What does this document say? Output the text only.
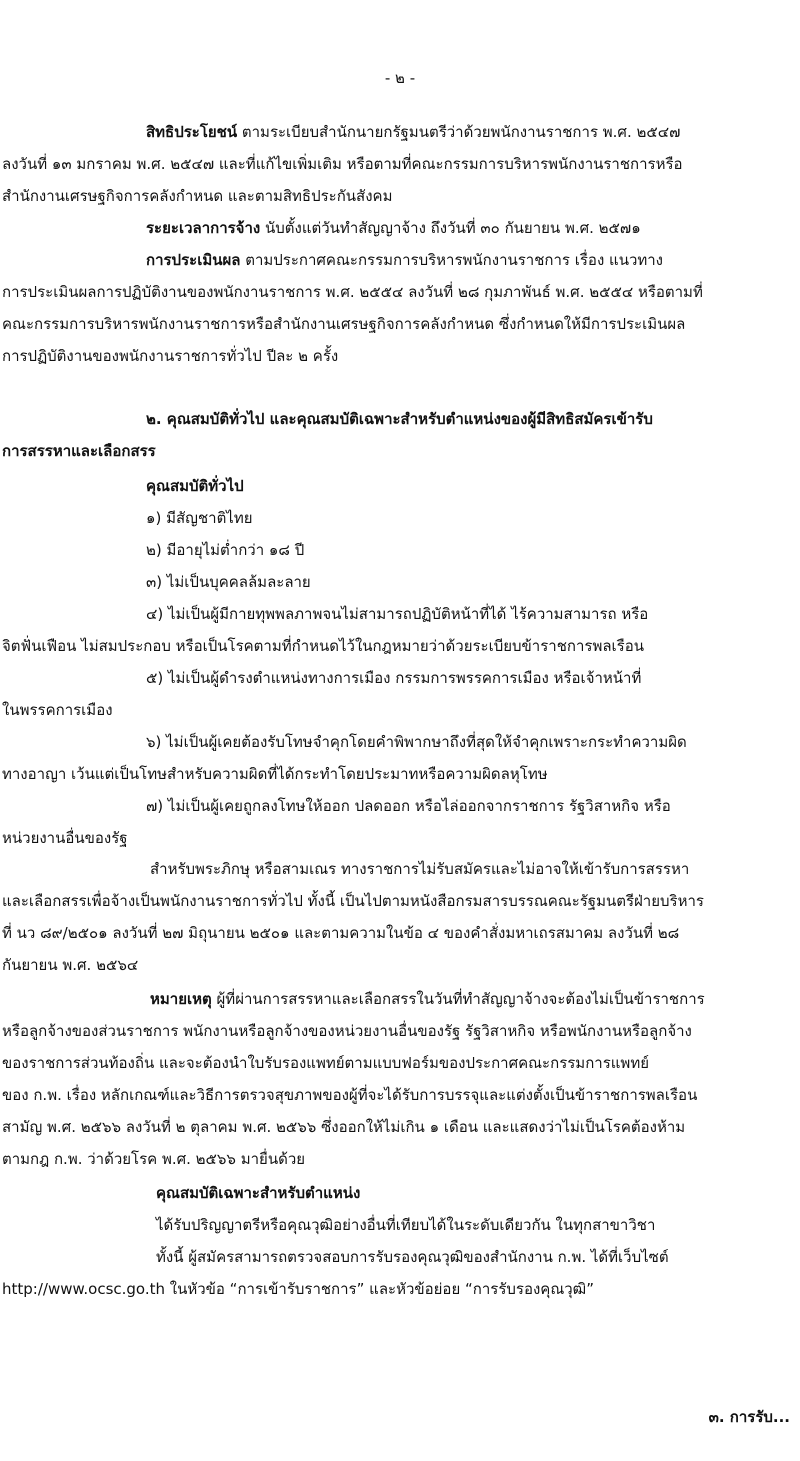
- ๒ -
สิทธิประโยชน์ ตามระเบียบสำนักนายกรัฐมนตรีว่าด้วยพนักงานราชการ พ.ศ. ๒๕๔๗
ลงวันที่ ๑๓ มกราคม พ.ศ. ๒๕๔๗ และที่แก้ไขเพิ่มเติม หรือตามที่คณะกรรมการบริหารพนักงานราชการหรือ
สำนักงานเศรษฐกิจการคลังกำหนด และตามสิทธิประกันสังคม
ระยะเวลาการจ้าง นับตั้งแต่วันทำสัญญาจ้าง ถึงวันที่ ๓๐ กันยายน พ.ศ. ๒๕๗๑
การประเมินผล ตามประกาศคณะกรรมการบริหารพนักงานราชการ เรื่อง แนวทาง
การประเมินผลการปฏิบัติงานของพนักงานราชการ พ.ศ. ๒๕๕๔ ลงวันที่ ๒๘ กุมภาพันธ์ พ.ศ. ๒๕๕๔ หรือตามที่
คณะกรรมการบริหารพนักงานราชการหรือสำนักงานเศรษฐกิจการคลังกำหนด ซึ่งกำหนดให้มีการประเมินผล
การปฏิบัติงานของพนักงานราชการทั่วไป ปีละ ๒ ครั้ง
๒. คุณสมบัติทั่วไป และคุณสมบัติเฉพาะสำหรับตำแหน่งของผู้มีสิทธิสมัครเข้ารับ
การสรรหาและเลือกสรร
คุณสมบัติทั่วไป
๑) มีสัญชาติไทย
๒) มีอายุไม่ต่ำกว่า ๑๘ ปี
๓) ไม่เป็นบุคคลล้มละลาย
๔) ไม่เป็นผู้มีกายทุพพลภาพจนไม่สามารถปฏิบัติหน้าที่ได้ ไร้ความสามารถ หรือ
จิตฟั่นเฟือน ไม่สมประกอบ หรือเป็นโรคตามที่กำหนดไว้ในกฎหมายว่าด้วยระเบียบข้าราชการพลเรือน
๕) ไม่เป็นผู้ดำรงตำแหน่งทางการเมือง กรรมการพรรคการเมือง หรือเจ้าหน้าที่
ในพรรคการเมือง
๖) ไม่เป็นผู้เคยต้องรับโทษจำคุกโดยคำพิพากษาถึงที่สุดให้จำคุกเพราะกระทำความผิด
ทางอาญา เว้นแต่เป็นโทษสำหรับความผิดที่ได้กระทำโดยประมาทหรือความผิดลหุโทษ
๗) ไม่เป็นผู้เคยถูกลงโทษให้ออก ปลดออก หรือไล่ออกจากราชการ รัฐวิสาหกิจ หรือ
หน่วยงานอื่นของรัฐ
สำหรับพระภิกษุ หรือสามเณร ทางราชการไม่รับสมัครและไม่อาจให้เข้ารับการสรรหา
และเลือกสรรเพื่อจ้างเป็นพนักงานราชการทั่วไป ทั้งนี้ เป็นไปตามหนังสือกรมสารบรรณคณะรัฐมนตรีฝ่ายบริหาร
ที่ นว ๘๙/๒๕๐๑ ลงวันที่ ๒๗ มิถุนายน ๒๕๐๑ และตามความในข้อ ๔ ของคำสั่งมหาเถรสมาคม ลงวันที่ ๒๘
กันยายน พ.ศ. ๒๕๖๔
หมายเหตุ ผู้ที่ผ่านการสรรหาและเลือกสรรในวันที่ทำสัญญาจ้างจะต้องไม่เป็นข้าราชการ
หรือลูกจ้างของส่วนราชการ พนักงานหรือลูกจ้างของหน่วยงานอื่นของรัฐ รัฐวิสาหกิจ หรือพนักงานหรือลูกจ้าง
ของราชการส่วนท้องถิ่น และจะต้องนำใบรับรองแพทย์ตามแบบฟอร์มของประกาศคณะกรรมการแพทย์
ของ ก.พ. เรื่อง หลักเกณฑ์และวิธีการตรวจสุขภาพของผู้ที่จะได้รับการบรรจุและแต่งตั้งเป็นข้าราชการพลเรือน
สามัญ พ.ศ. ๒๕๖๖ ลงวันที่ ๒ ตุลาคม พ.ศ. ๒๕๖๖ ซึ่งออกให้ไม่เกิน ๑ เดือน และแสดงว่าไม่เป็นโรคต้องห้าม
ตามกฎ ก.พ. ว่าด้วยโรค พ.ศ. ๒๕๖๖ มายื่นด้วย
คุณสมบัติเฉพาะสำหรับตำแหน่ง
ได้รับปริญญาตรีหรือคุณวุฒิอย่างอื่นที่เทียบได้ในระดับเดียวกัน ในทุกสาขาวิชา
ทั้งนี้ ผู้สมัครสามารถตรวจสอบการรับรองคุณวุฒิของสำนักงาน ก.พ. ได้ที่เว็บไซต์
http://www.ocsc.go.th ในหัวข้อ “การเข้ารับราชการ” และหัวข้อย่อย “การรับรองคุณวุฒิ”
๓. การรับ...
